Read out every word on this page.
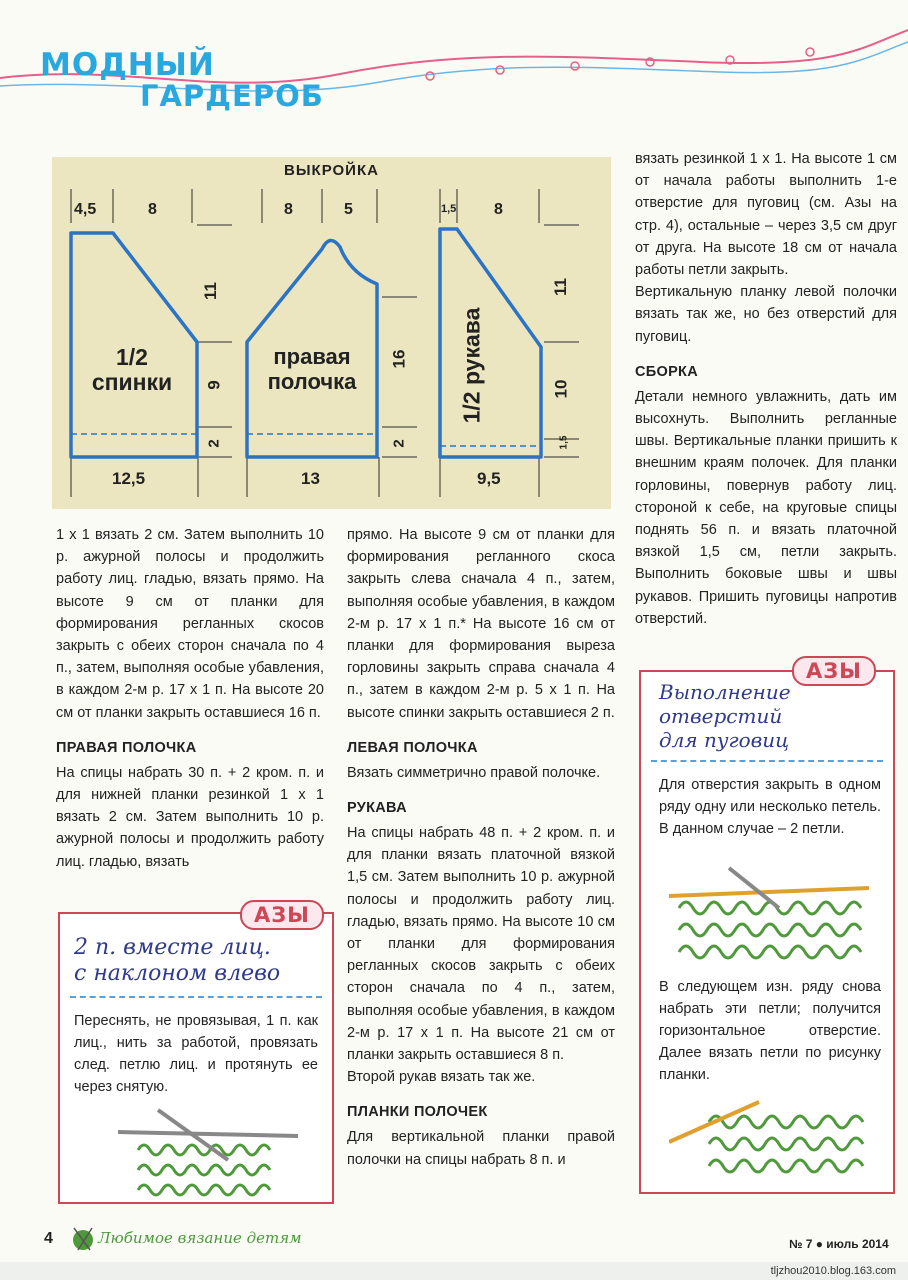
МОДНЫЙ
ГАРДЕРОБ
ВЫКРОЙКА
4,5	8
11
9
2
1/2
спинки
12,5
8	5
16
2
правая
полочка
13
1,5 8
11
10
1,5
1/2 рукава
9,5

1 х 1 вязать 2 см. Затем выполнить 10 р. ажурной полосы и продолжить работу лиц. гладью, вязать прямо. На высоте 9 см от планки для формирования регланных скосов закрыть с обеих сторон сначала по 4 п., затем, выполняя особые убавления, в каждом 2-м р. 17 х 1 п. На высоте 20 см от планки закрыть оставшиеся 16 п.

ПРАВАЯ ПОЛОЧКА

На спицы набрать 30 п. + 2 кром. п. и для нижней планки резинкой 1 х 1 вязать 2 см. Затем выполнить 10 р. ажурной полосы и продолжить работу лиц. гладью, вязать

прямо. На высоте 9 см от планки для формирования регланного скоса закрыть слева сначала 4 п., затем, выполняя особые убавления, в каждом 2-м р. 17 х 1 п.* На высоте 16 см от планки для формирования выреза горловины закрыть справа сначала 4 п., затем в каждом 2-м р. 5 х 1 п. На высоте спинки закрыть оставшиеся 2 п.

ЛЕВАЯ ПОЛОЧКА

Вязать симметрично правой полочке.

РУКАВА

На спицы набрать 48 п. + 2 кром. п. и для планки вязать платочной вязкой 1,5 см. Затем выполнить 10 р. ажурной полосы и продолжить работу лиц. гладью, вязать прямо. На высоте 10 см от планки для формирования регланных скосов закрыть с обеих сторон сначала по 4 п., затем, выполняя особые убавления, в каждом 2-м р. 17 х 1 п. На высоте 21 см от планки закрыть оставшиеся 8 п.

Второй рукав вязать так же.

ПЛАНКИ ПОЛОЧЕК

Для вертикальной планки правой полочки на спицы набрать 8 п. и

вязать резинкой 1 х 1. На высоте 1 см от начала работы выполнить 1-е отверстие для пуговиц (см. Азы на стр. 4), остальные – через 3,5 см друг от друга. На высоте 18 см от начала работы петли закрыть.

Вертикальную планку левой полочки вязать так же, но без отверстий для пуговиц.

СБОРКА

Детали немного увлажнить, дать им высохнуть. Выполнить регланные швы. Вертикальные планки пришить к внешним краям полочек. Для планки горловины, повернув работу лиц. стороной к себе, на круговые спицы поднять 56 п. и вязать платочной вязкой 1,5 см, петли закрыть. Выполнить боковые швы и швы рукавов. Пришить пуговицы напротив отверстий.

2 п. вместе лиц.
с наклоном влево
Переснять, не провязывая, 1 п. как лиц., нить за работой, провязать след. петлю лиц. и протянуть ее через снятую.
АЗЫ
Выполнение
отверстий
для пуговиц
Для отверстия закрыть в одном ряду одну или несколько петель. В данном случае – 2 петли.
В следующем изн. ряду снова набрать эти петли; получится горизонтальное отверстие. Далее вязать петли по рисунку планки.
АЗЫ
4	Любимое вязание детям	№ 7 ● июль 2014
tljzhou2010.blog.163.com
